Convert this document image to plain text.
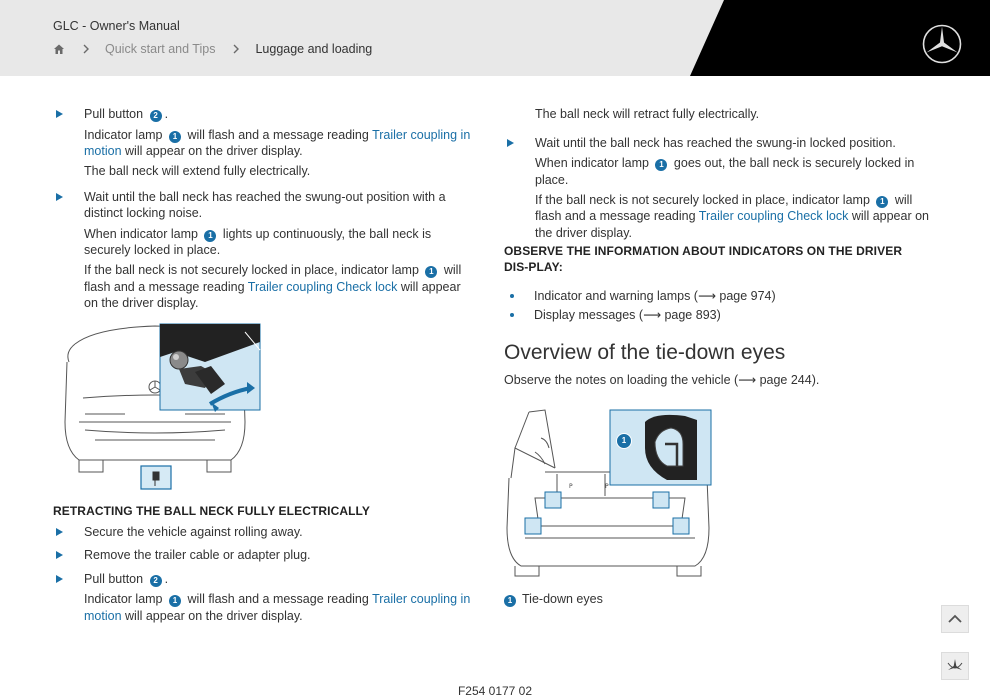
GLC - Owner's Manual
Quick start and Tips	Luggage and loading

Pull button 2 .

Indicator lamp 1 will flash and a message reading Trailer coupling in motion will appear on the driver display.

The ball neck will extend fully electrically.

Wait until the ball neck has reached the swung-out position with a distinct locking noise.

When indicator lamp 1 lights up continuously, the ball neck is securely locked in place.

If the ball neck is not securely locked in place, indicator lamp 1 will flash and a message reading Trailer coupling Check lock will appear on the driver display.

RETRACTING THE BALL NECK FULLY ELECTRICALLY

Secure the vehicle against rolling away.

Remove the trailer cable or adapter plug.

Pull button 2 .

Indicator lamp 1 will flash and a message reading Trailer coupling in motion will appear on the driver display.

The ball neck will retract fully electrically.

Wait until the ball neck has reached the swung-in locked position.

When indicator lamp 1 goes out, the ball neck is securely locked in place.

If the ball neck is not securely locked in place, indicator lamp 1 will flash and a message reading Trailer coupling Check lock will appear on the driver display.

OBSERVE THE INFORMATION ABOUT INDICATORS ON THE DRIVER DIS-PLAY:
Indicator and warning lamps (⟶ page 974)
Display messages (⟶ page 893)
Overview of the tie-down eyes
Observe the notes on loading the vehicle (⟶ page 244).
P	P
1
1 Tie-down eyes
F254 0177 02
